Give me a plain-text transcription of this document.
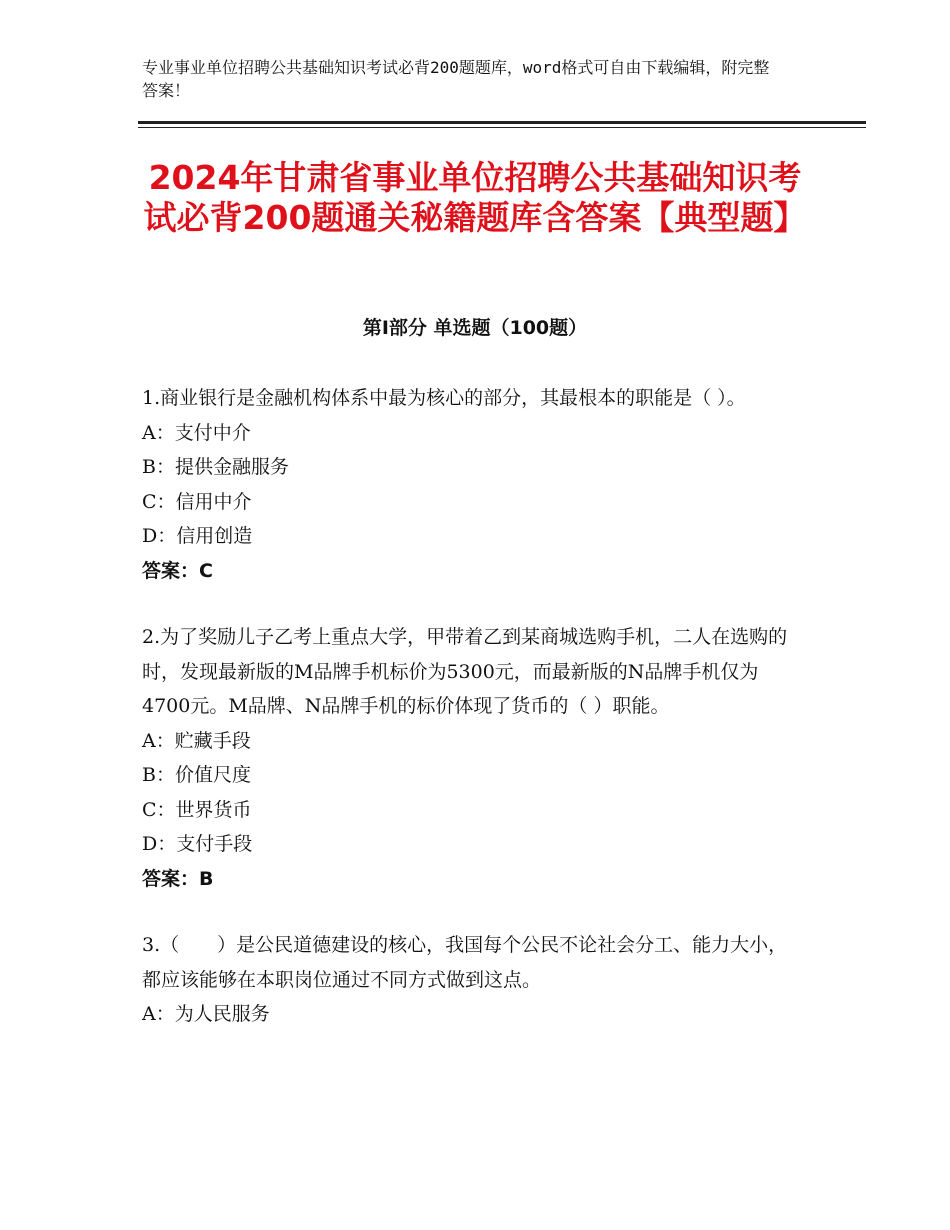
专业事业单位招聘公共基础知识考试必背200题题库，word格式可自由下载编辑，附完整答案！
2024年甘肃省事业单位招聘公共基础知识考试必背200题通关秘籍题库含答案【典型题】
第Ⅰ部分 单选题（100题）

1.商业银行是金融机构体系中最为核心的部分，其最根本的职能是（ ）。

A：支付中介

B：提供金融服务

C：信用中介

D：信用创造

答案：C

2.为了奖励儿子乙考上重点大学，甲带着乙到某商城选购手机，二人在选购的时，发现最新版的M品牌手机标价为5300元，而最新版的N品牌手机仅为4700元。M品牌、N品牌手机的标价体现了货币的（ ）职能。

A：贮藏手段

B：价值尺度

C：世界货币

D：支付手段

答案：B

3.（　　）是公民道德建设的核心，我国每个公民不论社会分工、能力大小，都应该能够在本职岗位通过不同方式做到这点。

A：为人民服务
